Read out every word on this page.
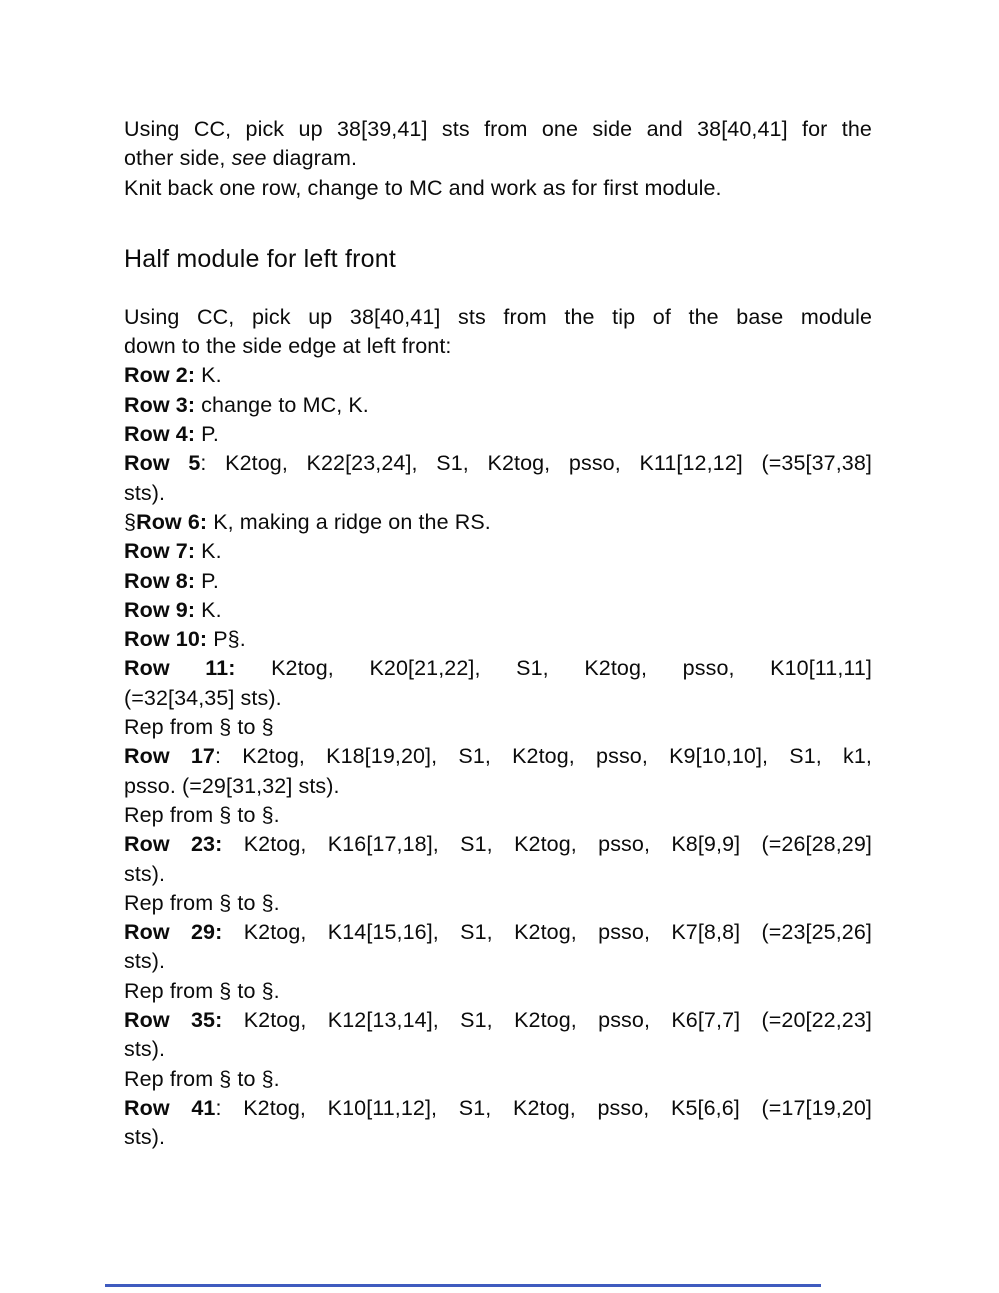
Using CC, pick up 38[39,41] sts from one side and 38[40,41] for the
other side, see diagram.
Knit back one row, change to MC and work as for first module.
Half module for left front
Using CC, pick up 38[40,41] sts from the tip of the base module
down to the side edge at left front:
Row 2: K.
Row 3: change to MC, K.
Row 4: P.
Row 5: K2tog, K22[23,24], S1, K2tog, psso, K11[12,12] (=35[37,38]
sts).
§Row 6: K, making a ridge on the RS.
Row 7: K.
Row 8: P.
Row 9: K.
Row 10: P§.
Row 11: K2tog, K20[21,22], S1, K2tog, psso, K10[11,11]
(=32[34,35] sts).
Rep from § to §
Row 17: K2tog, K18[19,20], S1, K2tog, psso, K9[10,10], S1, k1,
psso. (=29[31,32] sts).
Rep from § to §.
Row 23: K2tog, K16[17,18], S1, K2tog, psso, K8[9,9] (=26[28,29]
sts).
Rep from § to §.
Row 29: K2tog, K14[15,16], S1, K2tog, psso, K7[8,8] (=23[25,26]
sts).
Rep from § to §.
Row 35: K2tog, K12[13,14], S1, K2tog, psso, K6[7,7] (=20[22,23]
sts).
Rep from § to §.
Row 41: K2tog, K10[11,12], S1, K2tog, psso, K5[6,6] (=17[19,20]
sts).
